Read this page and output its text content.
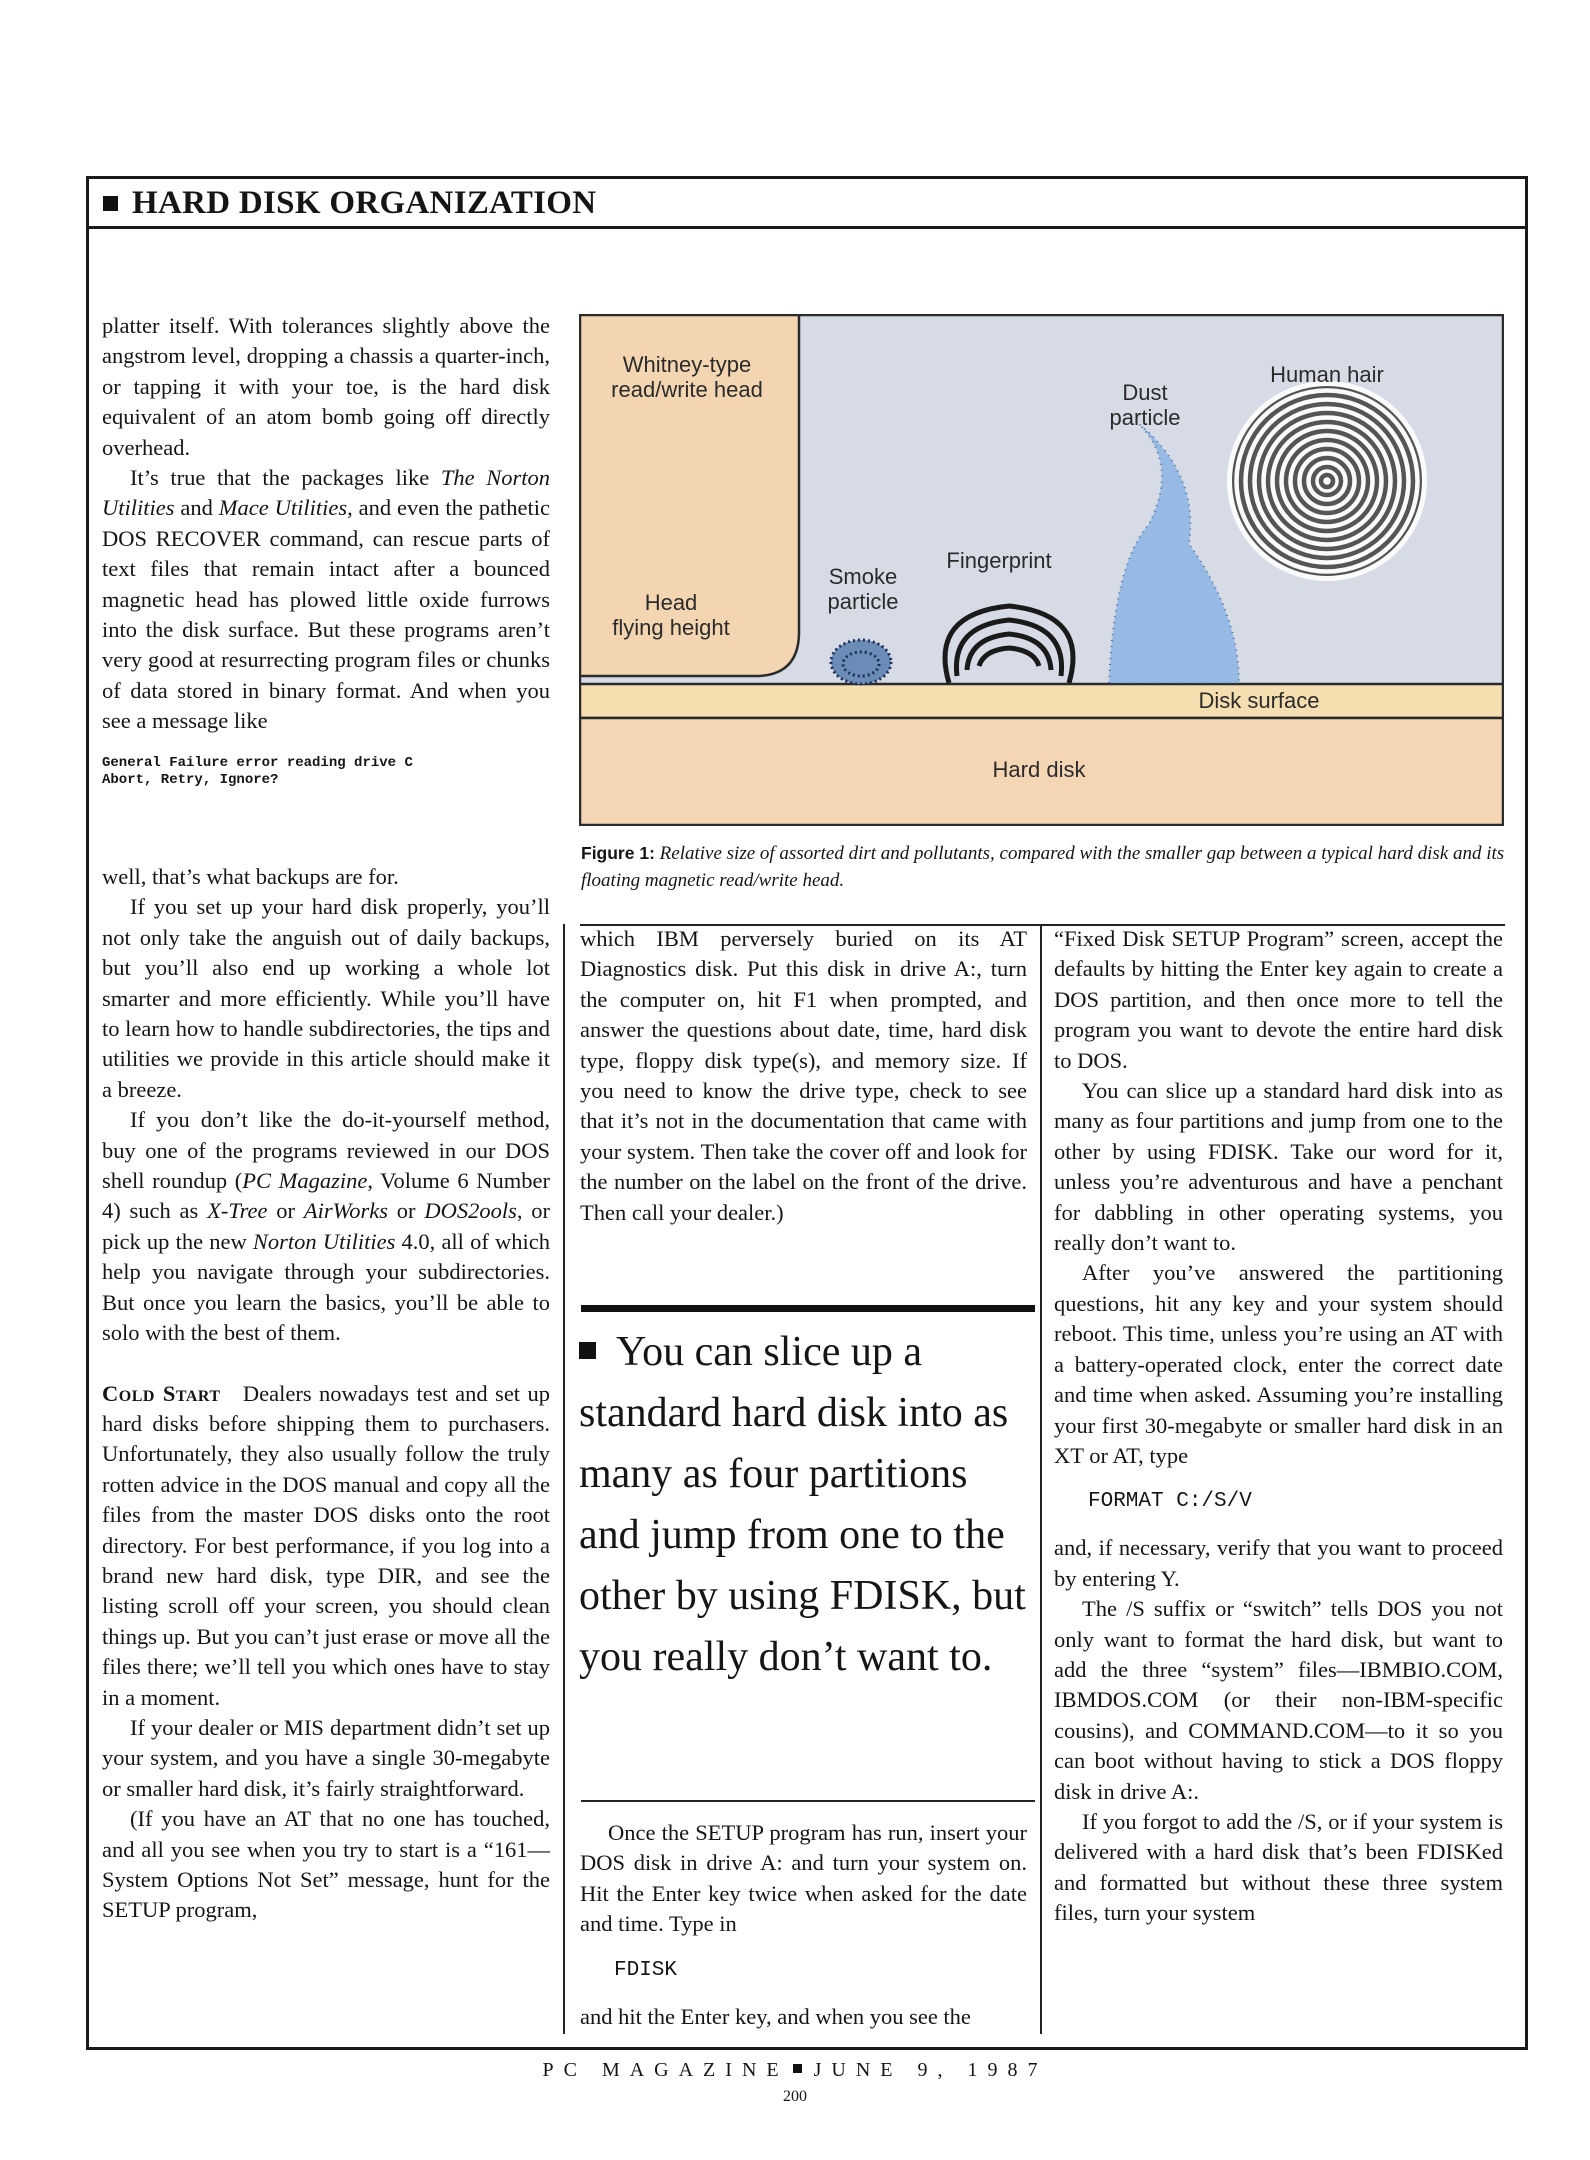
HARD DISK ORGANIZATION
Whitney-type read/write head
Head flying height
Smoke particle
Fingerprint
Dust particle
Human hair
Disk surface
Hard disk
Figure 1: Relative size of assorted dirt and pollutants, compared with the smaller gap between a typical hard disk and its floating magnetic read/write head.

platter itself. With tolerances slightly above the angstrom level, dropping a chassis a quarter-inch, or tapping it with your toe, is the hard disk equivalent of an atom bomb going off directly overhead.

It’s true that the packages like The Norton Utilities and Mace Utilities, and even the pathetic DOS RECOVER command, can rescue parts of text files that remain intact after a bounced magnetic head has plowed little oxide furrows into the disk surface. But these programs aren’t very good at resurrecting program files or chunks of data stored in binary format. And when you see a message like

General Failure error reading drive C
Abort, Retry, Ignore?

well, that’s what backups are for.

If you set up your hard disk properly, you’ll not only take the anguish out of daily backups, but you’ll also end up working a whole lot smarter and more efficiently. While you’ll have to learn how to handle subdirectories, the tips and utilities we provide in this article should make it a breeze.

If you don’t like the do-it-yourself method, buy one of the programs reviewed in our DOS shell roundup (PC Magazine, Volume 6 Number 4) such as X-Tree or AirWorks or DOS2ools, or pick up the new Norton Utilities 4.0, all of which help you navigate through your subdirectories. But once you learn the basics, you’ll be able to solo with the best of them.

Cold Start Dealers nowadays test and set up hard disks before shipping them to purchasers. Unfortunately, they also usually follow the truly rotten advice in the DOS manual and copy all the files from the master DOS disks onto the root directory. For best performance, if you log into a brand new hard disk, type DIR, and see the listing scroll off your screen, you should clean things up. But you can’t just erase or move all the files there; we’ll tell you which ones have to stay in a moment.

If your dealer or MIS department didn’t set up your system, and you have a single 30-megabyte or smaller hard disk, it’s fairly straightforward.

(If you have an AT that no one has touched, and all you see when you try to start is a “161—System Options Not Set” message, hunt for the SETUP program,

which IBM perversely buried on its AT Diagnostics disk. Put this disk in drive A:, turn the computer on, hit F1 when prompted, and answer the questions about date, time, hard disk type, floppy disk type(s), and memory size. If you need to know the drive type, check to see that it’s not in the documentation that came with your system. Then take the cover off and look for the number on the label on the front of the drive. Then call your dealer.)

You can slice up a standard hard disk into as many as four partitions and jump from one to the other by using FDISK, but you really don’t want to.

Once the SETUP program has run, insert your DOS disk in drive A: and turn your system on. Hit the Enter key twice when asked for the date and time. Type in

FDISK

and hit the Enter key, and when you see the

“Fixed Disk SETUP Program” screen, accept the defaults by hitting the Enter key again to create a DOS partition, and then once more to tell the program you want to devote the entire hard disk to DOS.

You can slice up a standard hard disk into as many as four partitions and jump from one to the other by using FDISK. Take our word for it, unless you’re adventurous and have a penchant for dabbling in other operating systems, you really don’t want to.

After you’ve answered the partitioning questions, hit any key and your system should reboot. This time, unless you’re using an AT with a battery-operated clock, enter the correct date and time when asked. Assuming you’re installing your first 30-megabyte or smaller hard disk in an XT or AT, type

FORMAT C:/S/V

and, if necessary, verify that you want to proceed by entering Y.

The /S suffix or “switch” tells DOS you not only want to format the hard disk, but want to add the three “system” files—IBMBIO.COM, IBMDOS.COM (or their non-IBM-specific cousins), and COMMAND.COM—to it so you can boot without having to stick a DOS floppy disk in drive A:.

If you forgot to add the /S, or if your system is delivered with a hard disk that’s been FDISKed and formatted but without these three system files, turn your system

PC MAGAZINE JUNE 9, 1987
200
